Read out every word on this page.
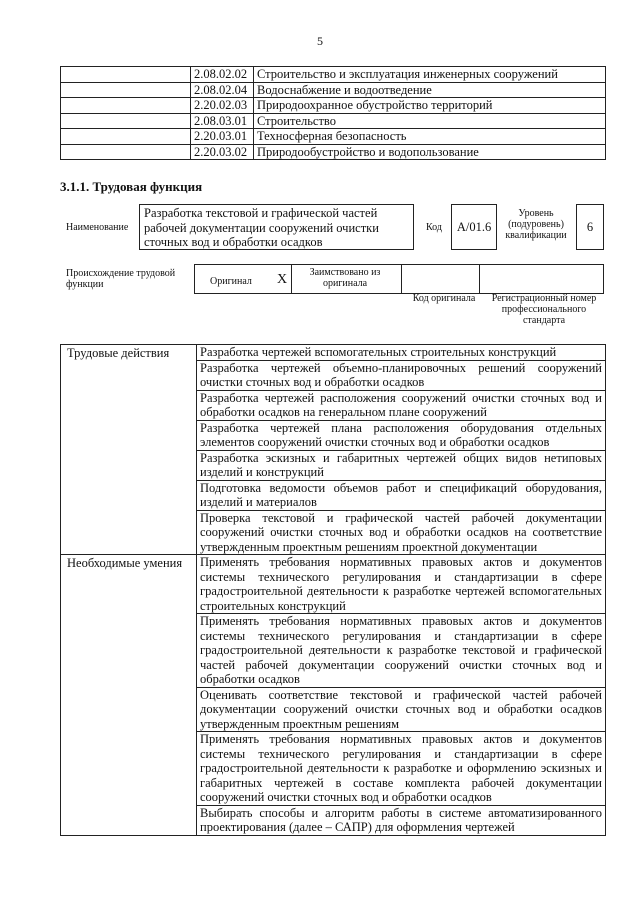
5
	2.08.02.02	Строительство и эксплуатация инженерных сооружений
	2.08.02.04	Водоснабжение и водоотведение
	2.20.02.03	Природоохранное обустройство территорий
	2.08.03.01	Строительство
	2.20.03.01	Техносферная безопасность
	2.20.03.02	Природообустройство и водопользование
3.1.1. Трудовая функция
Наименование
Разработка текстовой и графической частей рабочей документации сооружений очистки сточных вод и обработки осадков
Код	A/01.6
Уровень (подуровень) квалификации
6
Происхождение трудовой функции	Оригинал X	Заимствовано из оригинала
Код оригинала	Регистрационный номер профессионального стандарта
Трудовые действия	Разработка чертежей вспомогательных строительных конструкций
	Разработка чертежей объемно-планировочных решений сооружений очистки сточных вод и обработки осадков
	Разработка чертежей расположения сооружений очистки сточных вод и обработки осадков на генеральном плане сооружений
	Разработка чертежей плана расположения оборудования отдельных элементов сооружений очистки сточных вод и обработки осадков
	Разработка эскизных и габаритных чертежей общих видов нетиповых изделий и конструкций
	Подготовка ведомости объемов работ и спецификаций оборудования, изделий и материалов
	Проверка текстовой и графической частей рабочей документации сооружений очистки сточных вод и обработки осадков на соответствие утвержденным проектным решениям проектной документации
Необходимые умения	Применять требования нормативных правовых актов и документов системы технического регулирования и стандартизации в сфере градостроительной деятельности к разработке чертежей вспомогательных строительных конструкций
	Применять требования нормативных правовых актов и документов системы технического регулирования и стандартизации в сфере градостроительной деятельности к разработке текстовой и графической частей рабочей документации сооружений очистки сточных вод и обработки осадков
	Оценивать соответствие текстовой и графической частей рабочей документации сооружений очистки сточных вод и обработки осадков утвержденным проектным решениям
	Применять требования нормативных правовых актов и документов системы технического регулирования и стандартизации в сфере градостроительной деятельности к разработке и оформлению эскизных и габаритных чертежей в составе комплекта рабочей документации сооружений очистки сточных вод и обработки осадков
	Выбирать способы и алгоритм работы в системе автоматизированного проектирования (далее – САПР) для оформления чертежей
